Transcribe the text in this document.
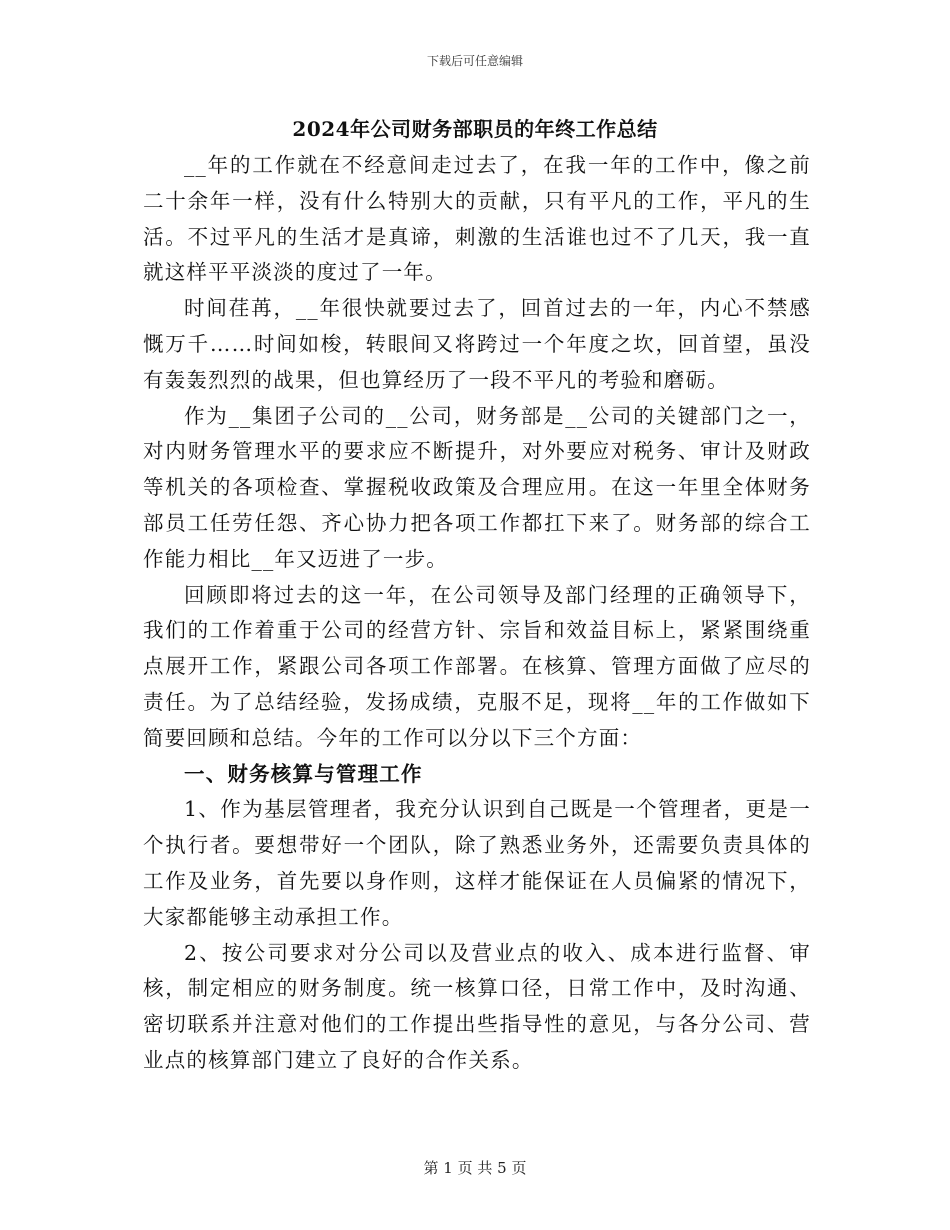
下载后可任意编辑
2024年公司财务部职员的年终工作总结

__年的工作就在不经意间走过去了，在我一年的工作中，像之前二十余年一样，没有什么特别大的贡献，只有平凡的工作，平凡的生活。不过平凡的生活才是真谛，刺激的生活谁也过不了几天，我一直就这样平平淡淡的度过了一年。

时间荏苒，__年很快就要过去了，回首过去的一年，内心不禁感慨万千……时间如梭，转眼间又将跨过一个年度之坎，回首望，虽没有轰轰烈烈的战果，但也算经历了一段不平凡的考验和磨砺。

作为__集团子公司的__公司，财务部是__公司的关键部门之一，对内财务管理水平的要求应不断提升，对外要应对税务、审计及财政等机关的各项检查、掌握税收政策及合理应用。在这一年里全体财务部员工任劳任怨、齐心协力把各项工作都扛下来了。财务部的综合工作能力相比__年又迈进了一步。

回顾即将过去的这一年，在公司领导及部门经理的正确领导下，我们的工作着重于公司的经营方针、宗旨和效益目标上，紧紧围绕重点展开工作，紧跟公司各项工作部署。在核算、管理方面做了应尽的责任。为了总结经验，发扬成绩，克服不足，现将__年的工作做如下简要回顾和总结。今年的工作可以分以下三个方面：

一、财务核算与管理工作

1、作为基层管理者，我充分认识到自己既是一个管理者，更是一个执行者。要想带好一个团队，除了熟悉业务外，还需要负责具体的工作及业务，首先要以身作则，这样才能保证在人员偏紧的情况下，大家都能够主动承担工作。

2、按公司要求对分公司以及营业点的收入、成本进行监督、审核，制定相应的财务制度。统一核算口径，日常工作中，及时沟通、密切联系并注意对他们的工作提出些指导性的意见，与各分公司、营业点的核算部门建立了良好的合作关系。

第 1 页 共 5 页
